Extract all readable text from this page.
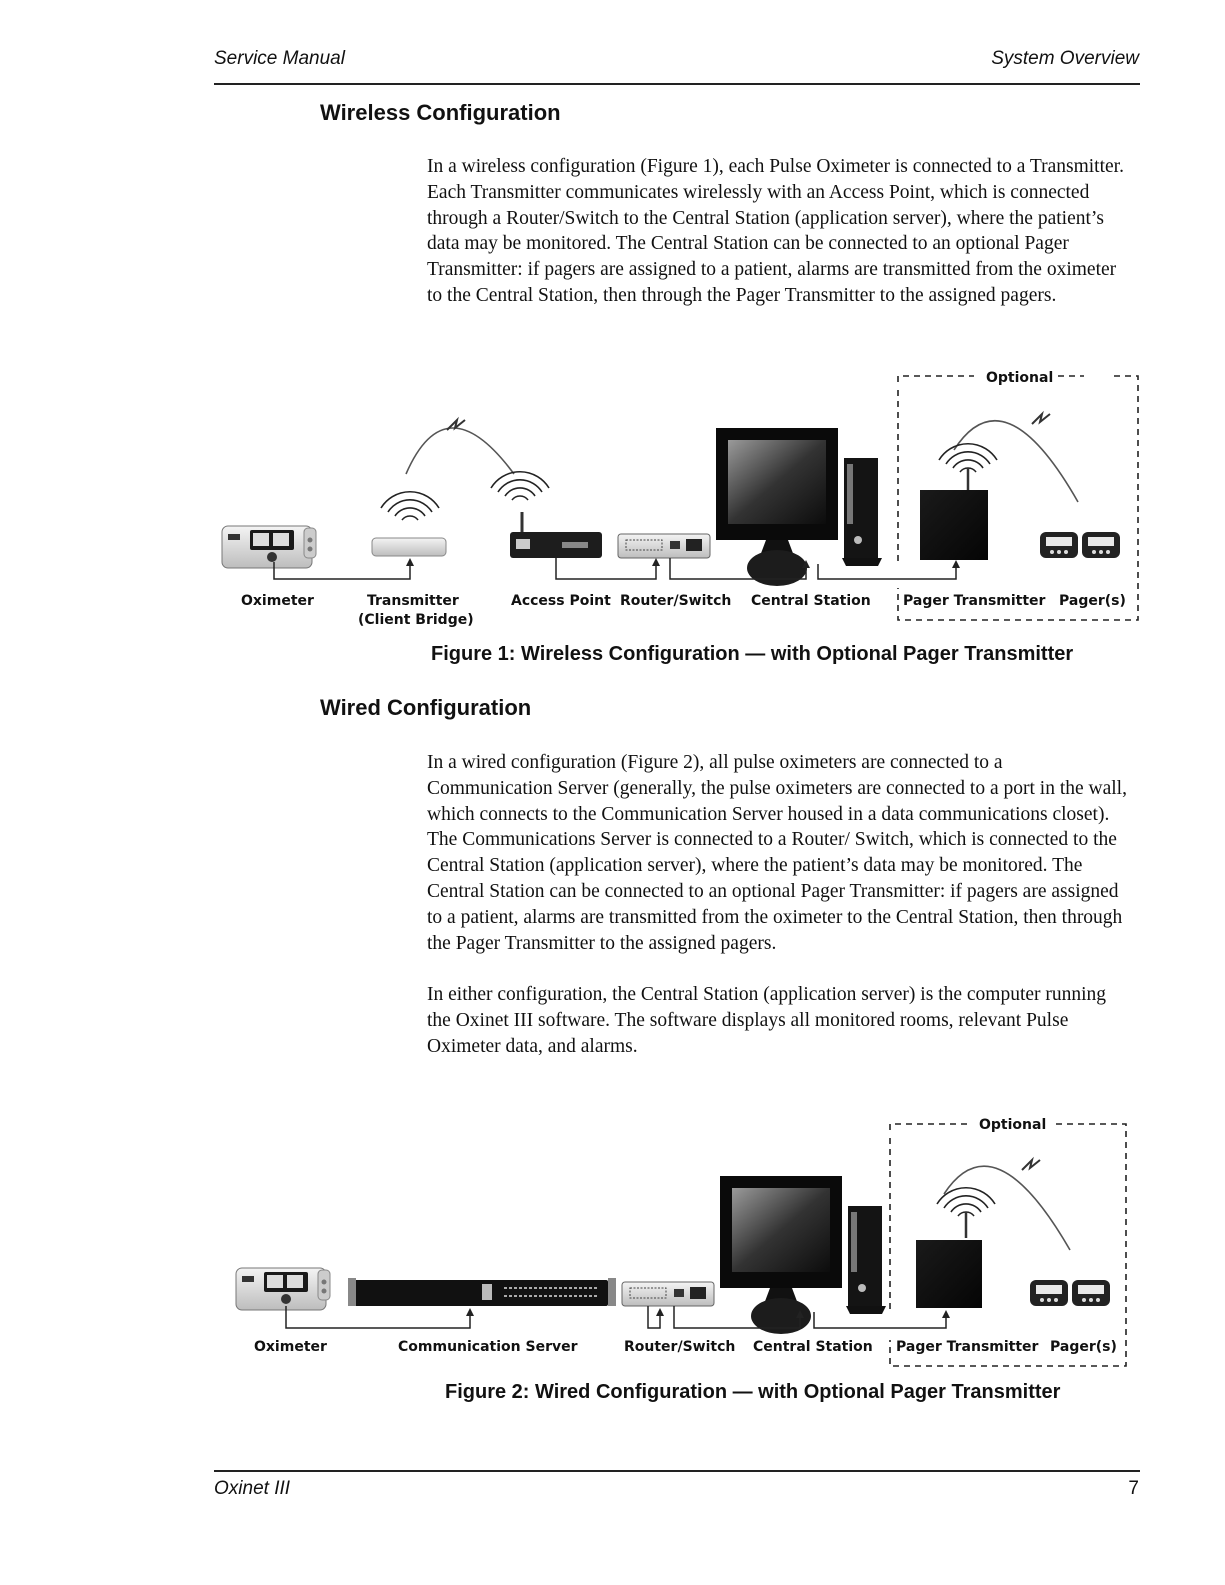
Service Manual	System Overview
Wireless Configuration

In a wireless configuration (Figure 1), each Pulse Oximeter is connected to a Transmitter. Each Transmitter communicates wirelessly with an Access Point, which is connected through a Router/Switch to the Central Station (application server), where the patient’s data may be monitored. The Central Station can be connected to an optional Pager Transmitter: if pagers are assigned to a patient, alarms are transmitted from the oximeter to the Central Station, then through the Pager Transmitter to the assigned pagers.

Optional
Oximeter	Transmitter
(Client Bridge)
Access Point Router/Switch Central Station Pager Transmitter Pager(s)
Figure 1: Wireless Configuration — with Optional Pager Transmitter
Wired Configuration

In a wired configuration (Figure 2), all pulse oximeters are connected to a Communication Server (generally, the pulse oximeters are connected to a port in the wall, which connects to the Communication Server housed in a data communications closet). The Communications Server is connected to a Router/ Switch, which is connected to the Central Station (application server), where the patient’s data may be monitored. The Central Station can be connected to an optional Pager Transmitter: if pagers are assigned to a patient, alarms are transmitted from the oximeter to the Central Station, then through the Pager Transmitter to the assigned pagers.

In either configuration, the Central Station (application server) is the computer running the Oxinet III software. The software displays all monitored rooms, relevant Pulse Oximeter data, and alarms.

Optional
Oximeter	Communication Server	Router/Switch Central Station Pager Transmitter Pager(s)
Figure 2: Wired Configuration — with Optional Pager Transmitter
Oxinet III	7
